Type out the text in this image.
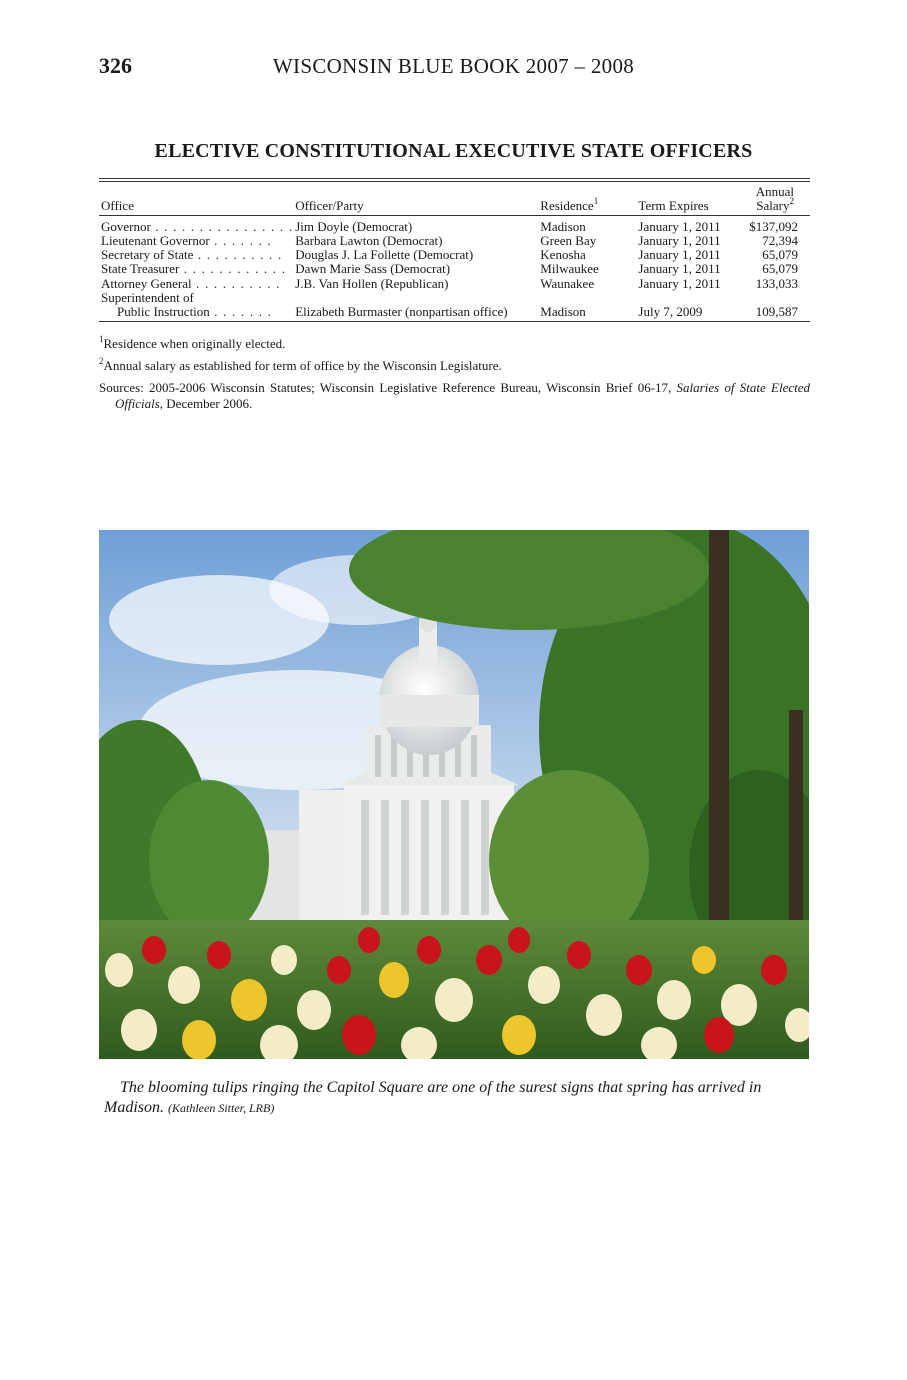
326	WISCONSIN BLUE BOOK 2007 – 2008
ELECTIVE CONSTITUTIONAL EXECUTIVE STATE OFFICERS
Office	Officer/Party	Residence$^1$	Term Expires	Annual
Salary$^2$
Governor . . . . . . . . . . . . . . . .	Jim Doyle (Democrat)	Madison	January 1, 2011	$137,092
Lieutenant Governor . . . . . . .	Barbara Lawton (Democrat)	Green Bay	January 1, 2011	72,394
Secretary of State . . . . . . . . . .	Douglas J. La Follette (Democrat)	Kenosha	January 1, 2011	65,079
State Treasurer . . . . . . . . . . . .	Dawn Marie Sass (Democrat)	Milwaukee	January 1, 2011	65,079
Attorney General . . . . . . . . . .	J.B. Van Hollen (Republican)	Waunakee	January 1, 2011	133,033
Superintendent of				
Public Instruction . . . . . . .	Elizabeth Burmaster (nonpartisan office)	Madison	July 7, 2009	109,587

$^1$Residence when originally elected.

$^2$Annual salary as established for term of office by the Wisconsin Legislature.

Sources: 2005-2006 Wisconsin Statutes; Wisconsin Legislative Reference Bureau, Wisconsin Brief 06-17, Salaries of State Elected Officials, December 2006.

The blooming tulips ringing the Capitol Square are one of the surest signs that spring has arrived in Madison. (Kathleen Sitter, LRB)
